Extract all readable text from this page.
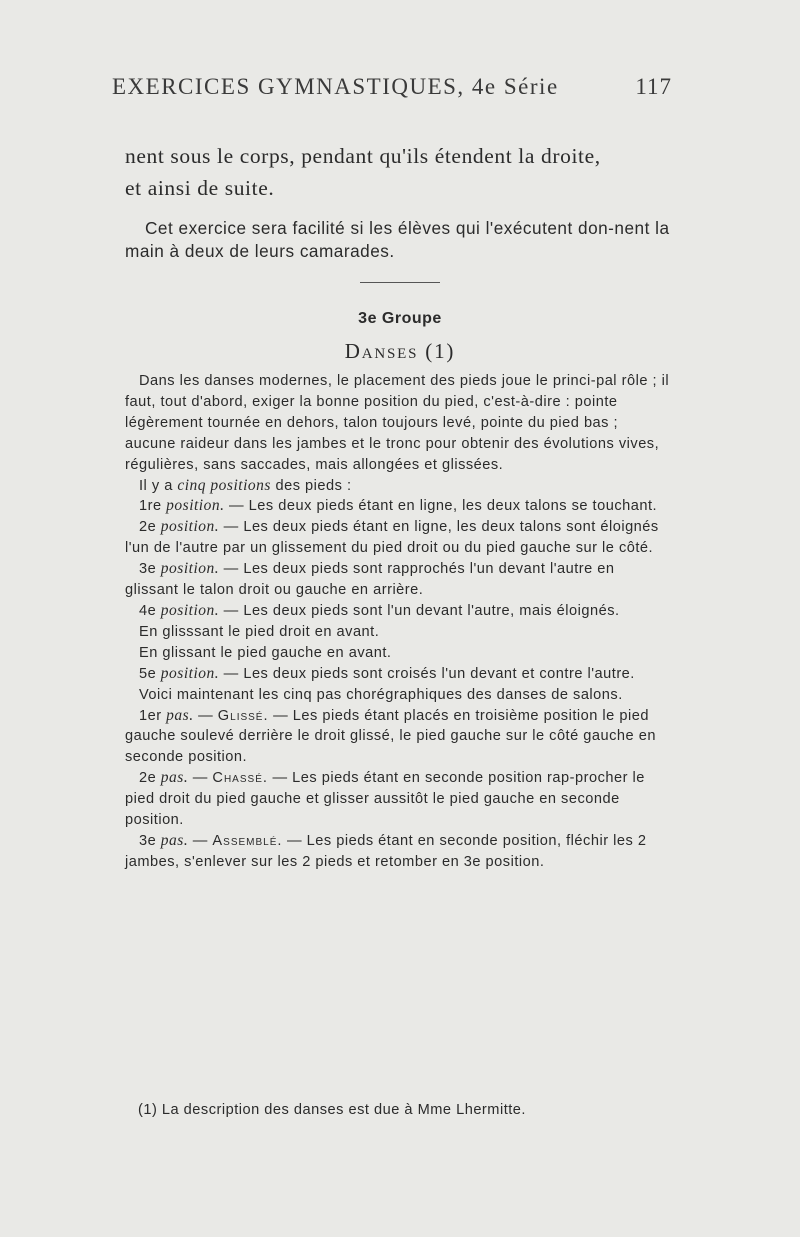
EXERCICES GYMNASTIQUES, 4e Série	117
nent sous le corps, pendant qu'ils étendent la droite,
et ainsi de suite.
Cet exercice sera facilité si les élèves qui l'exécutent don-nent la main à deux de leurs camarades.
3e Groupe
Danses (1)

Dans les danses modernes, le placement des pieds joue le princi-pal rôle ; il faut, tout d'abord, exiger la bonne position du pied, c'est-à-dire : pointe légèrement tournée en dehors, talon toujours levé, pointe du pied bas ; aucune raideur dans les jambes et le tronc pour obtenir des évolutions vives, régulières, sans saccades, mais allongées et glissées.

Il y a cinq positions des pieds :

1re position. — Les deux pieds étant en ligne, les deux talons se touchant.

2e position. — Les deux pieds étant en ligne, les deux talons sont éloignés l'un de l'autre par un glissement du pied droit ou du pied gauche sur le côté.

3e position. — Les deux pieds sont rapprochés l'un devant l'autre en glissant le talon droit ou gauche en arrière.

4e position. — Les deux pieds sont l'un devant l'autre, mais éloignés.

En glisssant le pied droit en avant.

En glissant le pied gauche en avant.

5e position. — Les deux pieds sont croisés l'un devant et contre l'autre.

Voici maintenant les cinq pas chorégraphiques des danses de salons.

1er pas. — Glissé. — Les pieds étant placés en troisième position le pied gauche soulevé derrière le droit glissé, le pied gauche sur le côté gauche en seconde position.

2e pas. — Chassé. — Les pieds étant en seconde position rap-procher le pied droit du pied gauche et glisser aussitôt le pied gauche en seconde position.

3e pas. — Assemblé. — Les pieds étant en seconde position, fléchir les 2 jambes, s'enlever sur les 2 pieds et retomber en 3e position.

(1) La description des danses est due à Mme Lhermitte.
